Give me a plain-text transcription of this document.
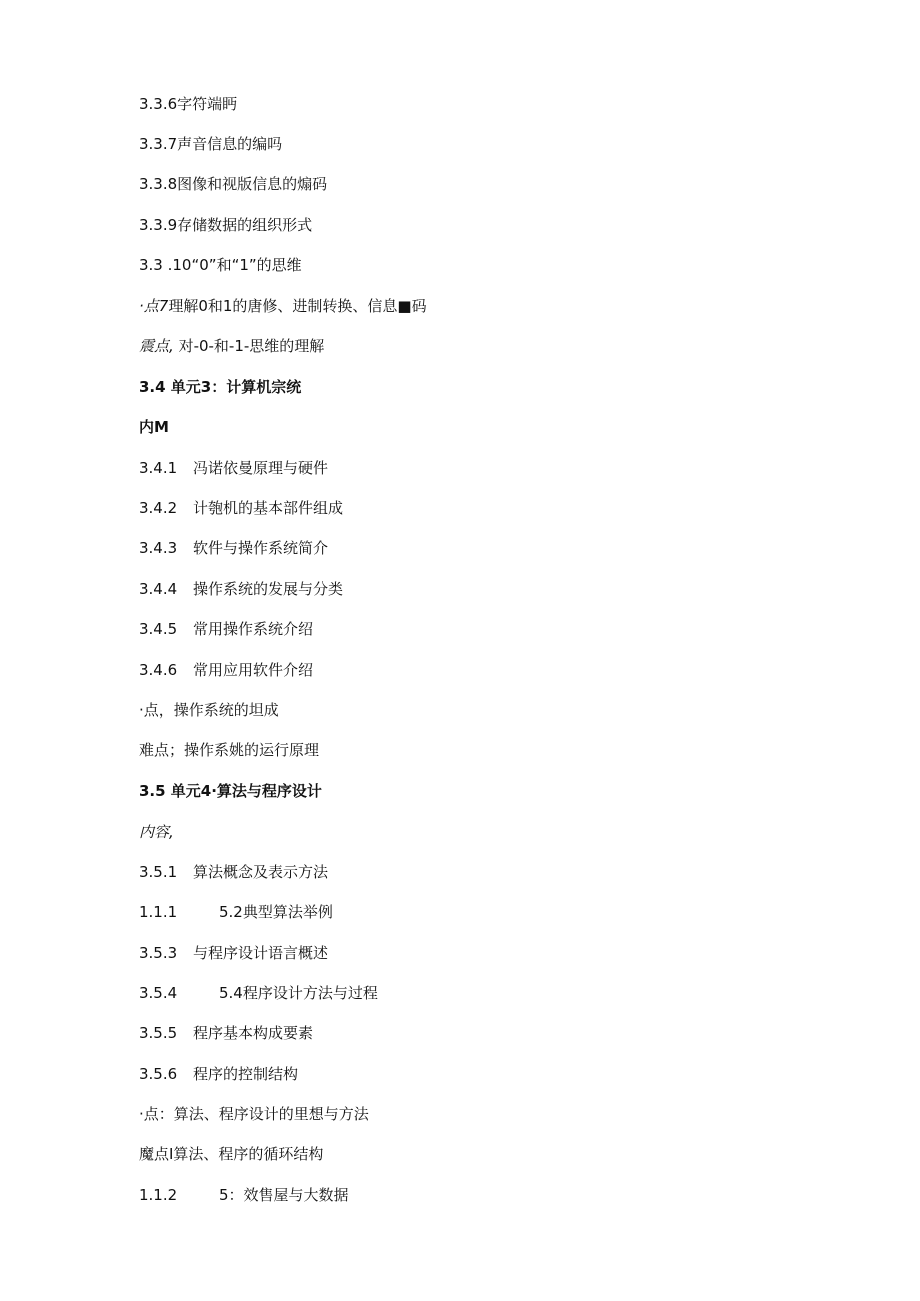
3.3.6字符端眄
3.3.7声音信息的编吗
3.3.8图像和视版信息的煽码
3.3.9存储数据的组织形式
3.3 .10“0”和“1”的思维
·点7理解0和1的唐修、进制转换、信息■码
震点, 对-0-和-1-思维的理解
3.4 单元3：计算机宗统
内M
3.4.1 冯诺依曼原理与硬件
3.4.2 计匏机的基本部件组成
3.4.3 软件与操作系统简介
3.4.4 操作系统的发展与分类
3.4.5 常用操作系统介绍
3.4.6 常用应用软件介绍
·点，操作系统的坦成
难点；操作系姚的运行原理
3.5 单元4·算法与程序设计
内容,
3.5.1 算法概念及表示方法
1.1.1	5.2典型算法举例
3.5.3 与程序设计语言概述
3.5.4	5.4程序设计方法与过程
3.5.5 程序基本构成要素
3.5.6 程序的控制结构
·点：算法、程序设计的里想与方法
魔点I算法、程序的循环结构
1.1.2	5：效售屋与大数据
